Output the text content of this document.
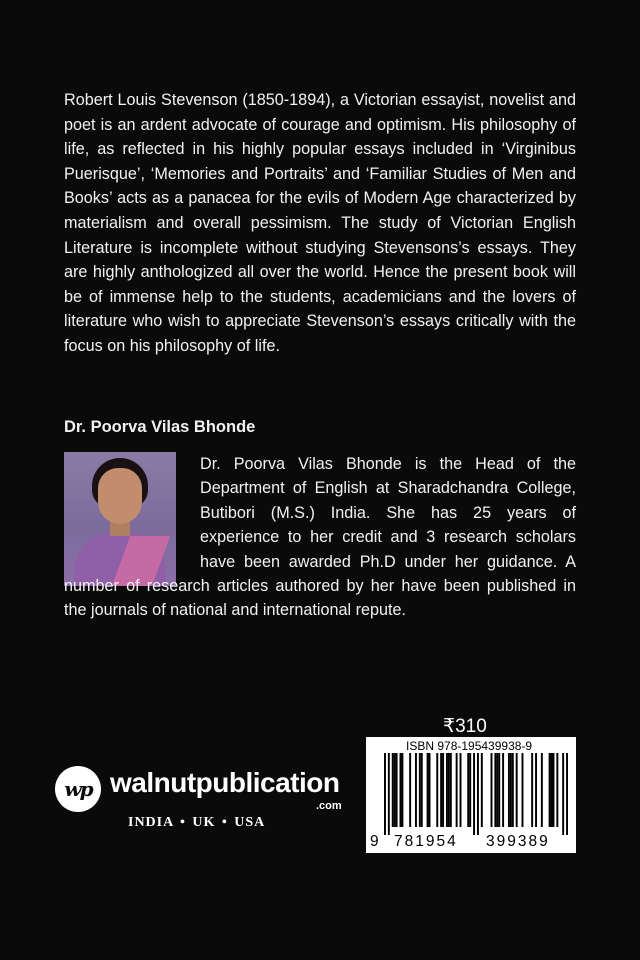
Robert Louis Stevenson (1850-1894), a Victorian essayist, novelist and poet is an ardent advocate of courage and optimism. His philosophy of life, as reflected in his highly popular essays included in ‘Virginibus Puerisque’, ‘Memories and Portraits’ and ‘Familiar Studies of Men and Books’ acts as a panacea for the evils of Modern Age characterized by materialism and overall pessimism. The study of Victorian English Literature is incomplete without studying Stevensons’s essays. They are highly anthologized all over the world. Hence the present book will be of immense help to the students, academicians and the lovers of literature who wish to appreciate Stevenson’s essays critically with the focus on his philosophy of life.

Dr. Poorva Vilas Bhonde

Dr. Poorva Vilas Bhonde is the Head of the Department of English at Sharadchandra College, Butibori (M.S.) India. She has 25 years of experience to her credit and 3 research scholars have been awarded Ph.D under her guidance. A number of research articles authored by her have been published in the journals of national and international repute.

wp walnutpublication
.com
INDIA • UK • USA
₹310
ISBN 978-195439938-9
9 781954 399389
